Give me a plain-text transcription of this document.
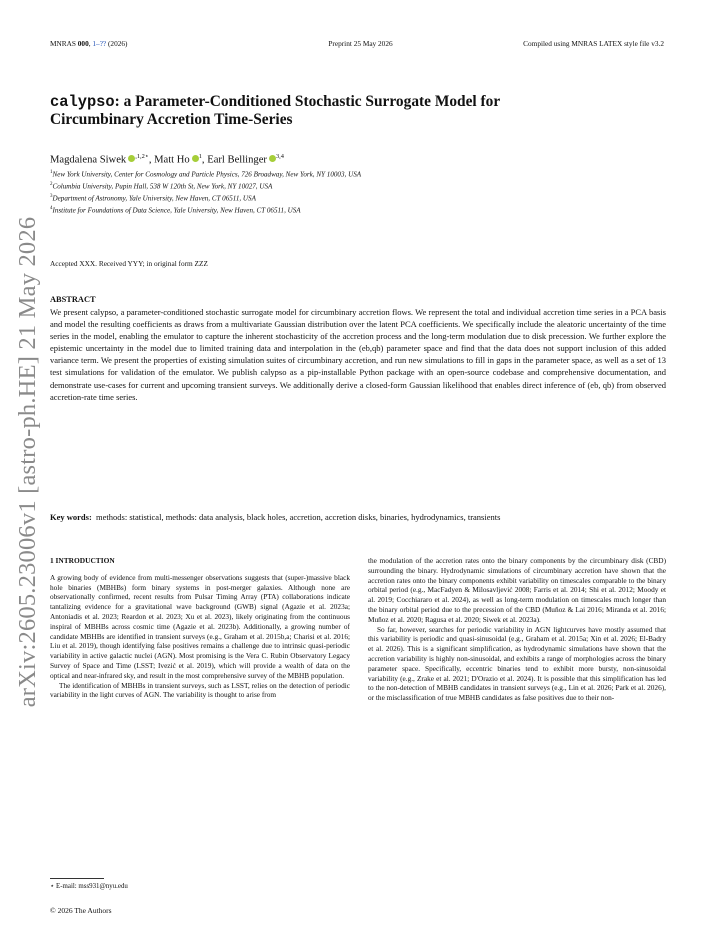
MNRAS 000, 1–?? (2026)	Preprint 25 May 2026	Compiled using MNRAS LATEX style file v3.2
arXiv:2605.23006v1 [astro-ph.HE] 21 May 2026
calypso: a Parameter-Conditioned Stochastic Surrogate Model for
Circumbinary Accretion Time-Series
Magdalena Siwek $^{,1,2⋆}$, Matt Ho $^1$, Earl Bellinger $^{3,4}$
$^1$New York University, Center for Cosmology and Particle Physics, 726 Broadway, New York, NY 10003, USA
$^2$Columbia University, Pupin Hall, 538 W 120th St, New York, NY 10027, USA
$^3$Department of Astronomy, Yale University, New Haven, CT 06511, USA
$^4$Institute for Foundations of Data Science, Yale University, New Haven, CT 06511, USA
Accepted XXX. Received YYY; in original form ZZZ
ABSTRACT
We present calypso, a parameter-conditioned stochastic surrogate model for circumbinary accretion flows. We represent the total and individual accretion time series in a PCA basis and model the resulting coefficients as draws from a multivariate Gaussian distribution over the latent PCA coefficients. We specifically include the aleatoric uncertainty of the time series in the model, enabling the emulator to capture the inherent stochasticity of the accretion process and the long-term modulation due to disk precession. We further explore the epistemic uncertainty in the model due to limited training data and interpolation in the (eb,qb) parameter space and find that the data does not support inclusion of this added variance term. We present the properties of existing simulation suites of circumbinary accretion, and run new simulations to fill in gaps in the parameter space, as well as a set of 13 test simulations for validation of the emulator. We publish calypso as a pip-installable Python package with an open-source codebase and comprehensive documentation, and demonstrate use-cases for current and upcoming transient surveys. We additionally derive a closed-form Gaussian likelihood that enables direct inference of (eb, qb) from observed accretion-rate time series.
Key words: methods: statistical, methods: data analysis, black holes, accretion, accretion disks, binaries, hydrodynamics, transients
1 INTRODUCTION

A growing body of evidence from multi-messenger observations suggests that (super-)massive black hole binaries (MBHBs) form binary systems in post-merger galaxies. Although none are observationally confirmed, recent results from Pulsar Timing Array (PTA) collaborations indicate tantalizing evidence for a gravitational wave background (GWB) signal (Agazie et al. 2023a; Antoniadis et al. 2023; Reardon et al. 2023; Xu et al. 2023), likely originating from the continuous inspiral of MBHBs across cosmic time (Agazie et al. 2023b). Additionally, a growing number of candidate MBHBs are identified in transient surveys (e.g., Graham et al. 2015b,a; Charisi et al. 2016; Liu et al. 2019), though identifying false positives remains a challenge due to intrinsic quasi-periodic variability in active galactic nuclei (AGN). Most promising is the Vera C. Rubin Observatory Legacy Survey of Space and Time (LSST; Ivezić et al. 2019), which will provide a wealth of data on the optical and near-infrared sky, and result in the most comprehensive survey of the MBHB population.

The identification of MBHBs in transient surveys, such as LSST, relies on the detection of periodic variability in the light curves of AGN. The variability is thought to arise from

the modulation of the accretion rates onto the binary components by the circumbinary disk (CBD) surrounding the binary. Hydrodynamic simulations of circumbinary accretion have shown that the accretion rates onto the binary components exhibit variability on timescales comparable to the binary orbital period (e.g., MacFadyen & Milosavljević 2008; Farris et al. 2014; Shi et al. 2012; Moody et al. 2019; Cocchiararo et al. 2024), as well as long-term modulation on timescales much longer than the binary orbital period due to the precession of the CBD (Muñoz & Lai 2016; Miranda et al. 2016; Muñoz et al. 2020; Ragusa et al. 2020; Siwek et al. 2023a).

So far, however, searches for periodic variability in AGN lightcurves have mostly assumed that this variability is periodic and quasi-sinusoidal (e.g., Graham et al. 2015a; Xin et al. 2026; El-Badry et al. 2026). This is a significant simplification, as hydrodynamic simulations have shown that the accretion variability is highly non-sinusoidal, and exhibits a range of morphologies across the binary parameter space. Specifically, eccentric binaries tend to exhibit more bursty, non-sinusoidal variability (e.g., Zrake et al. 2021; D'Orazio et al. 2024). It is possible that this simplification has led to the non-detection of MBHB candidates in transient surveys (e.g., Lin et al. 2026; Park et al. 2026), or the misclassification of true MBHB candidates as false positives due to their non-

⋆ E-mail: mss931@nyu.edu
© 2026 The Authors
